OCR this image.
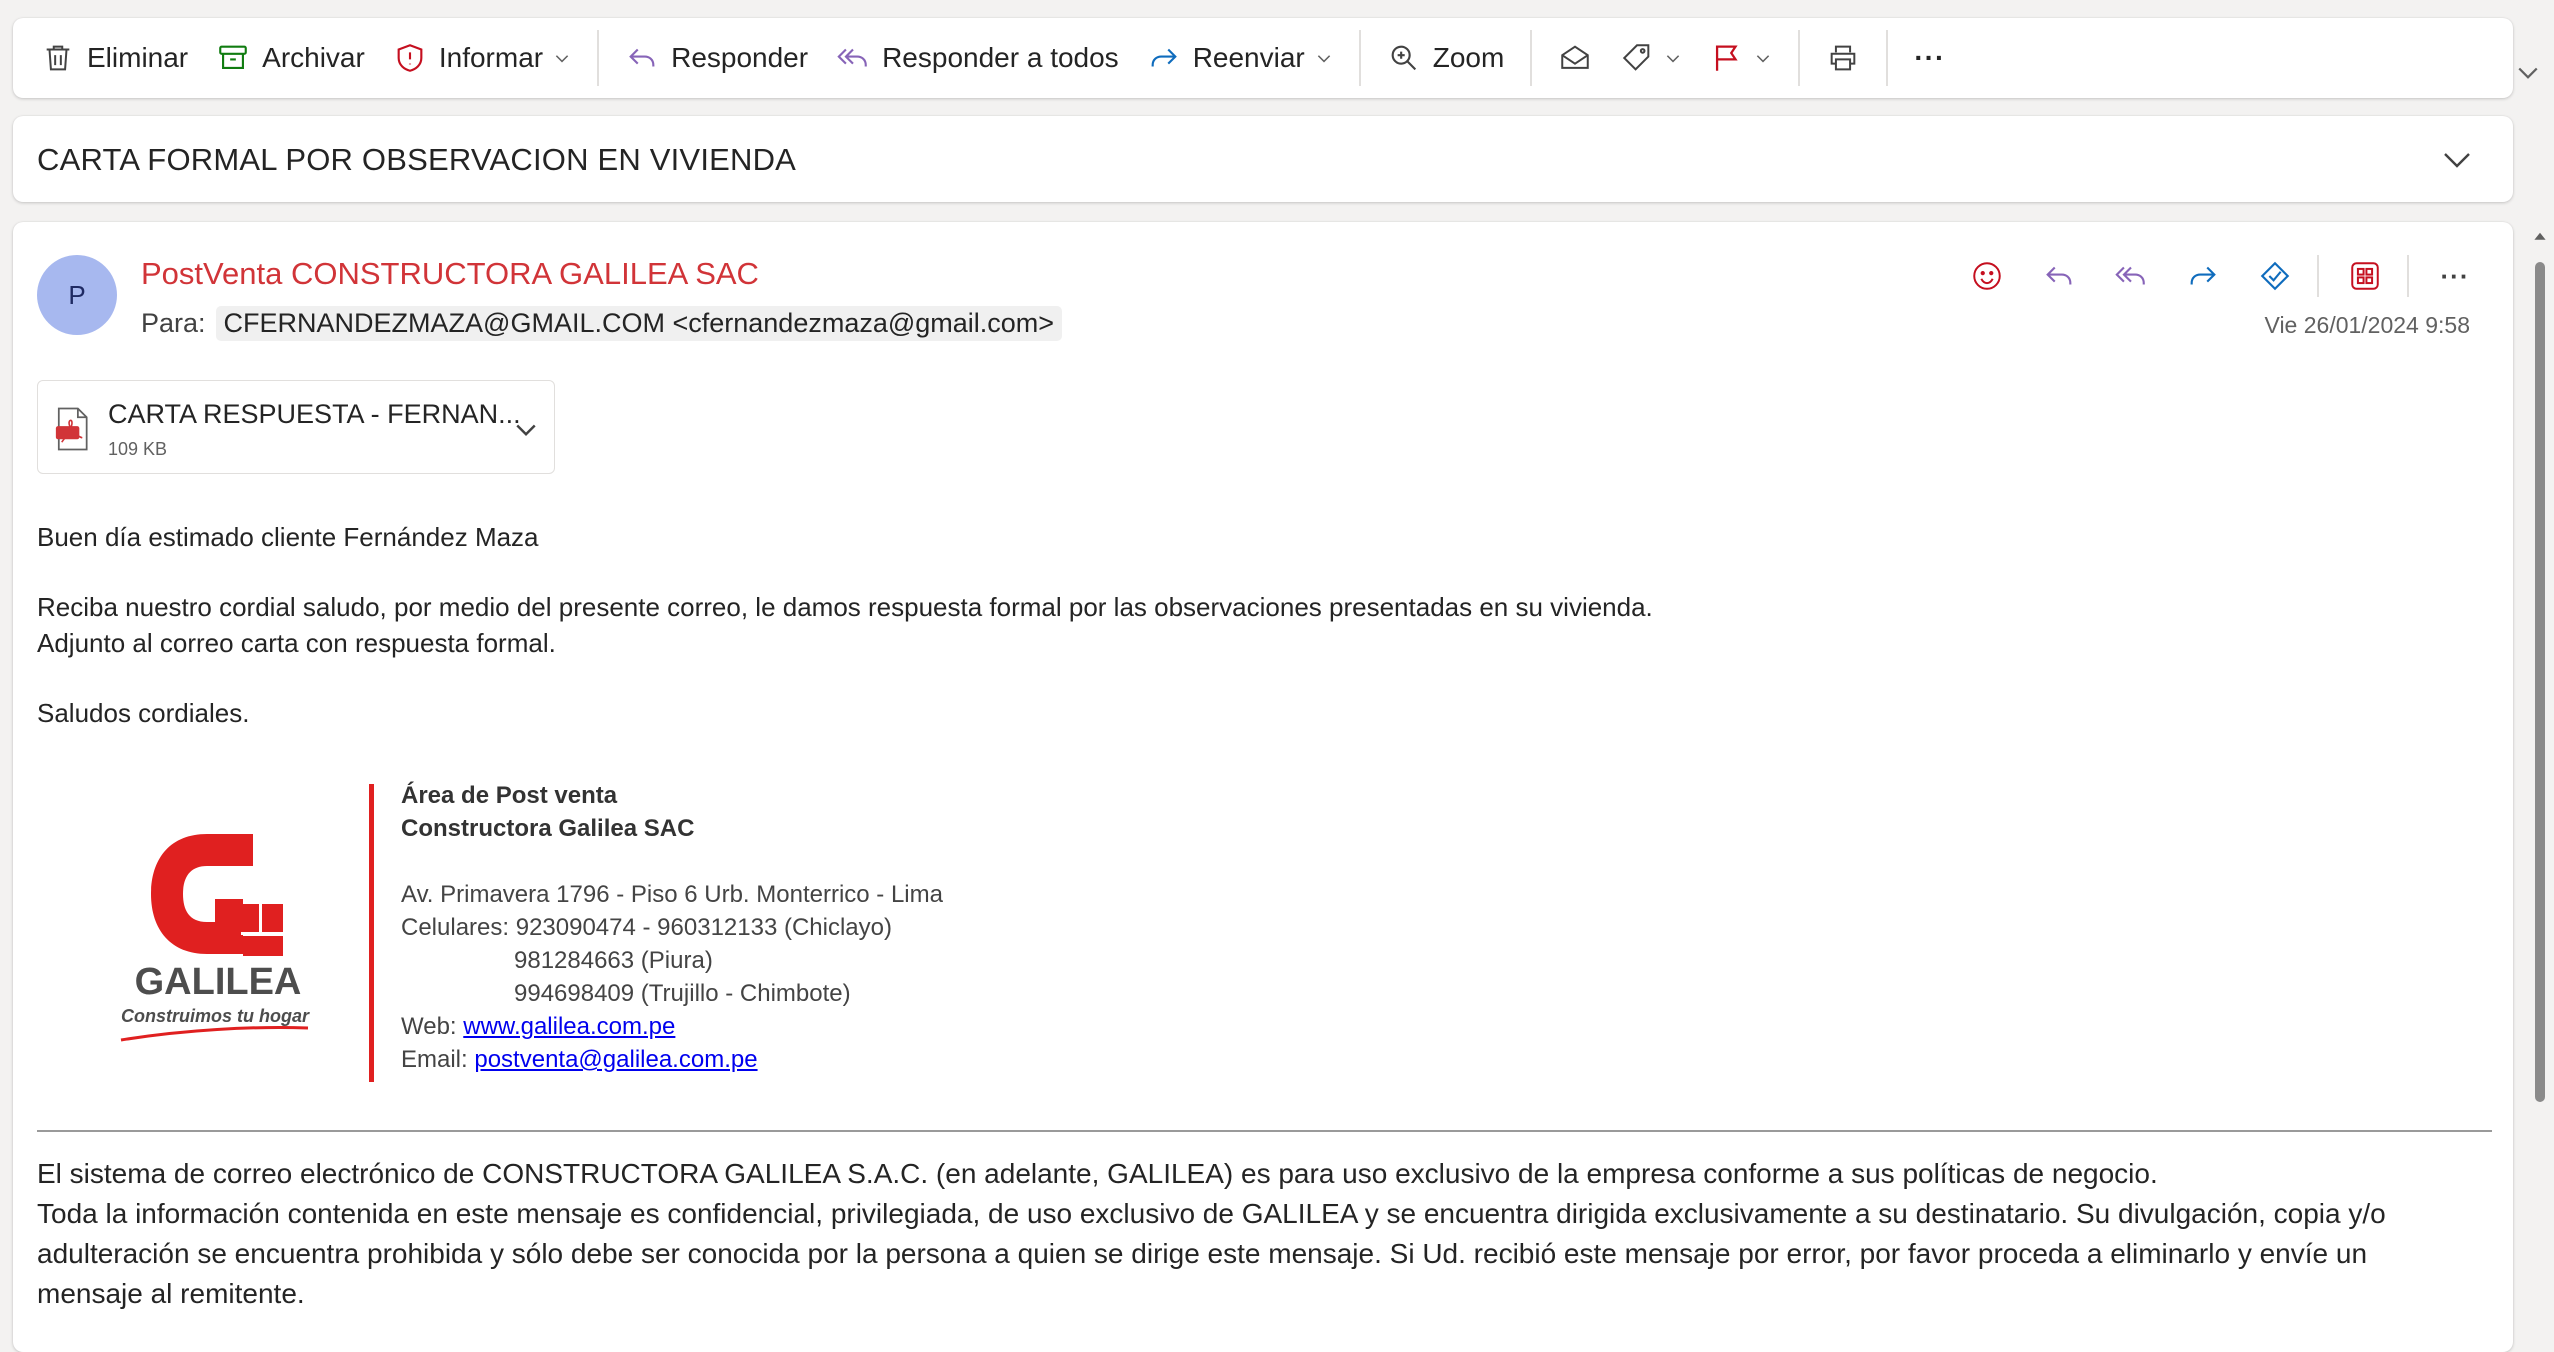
Eliminar	Archivar	Informar	Responder	Responder a todos	Reenviar	Zoom	···
CARTA FORMAL POR OBSERVACION EN VIVIENDA
P
PostVenta CONSTRUCTORA GALILEA SAC
Para: CFERNANDEZMAZA@GMAIL.COM <cfernandezmaza@gmail.com>
···
Vie 26/01/2024 9:58
CARTA RESPUESTA - FERNAN...
109 KB
Buen día estimado cliente Fernández Maza
Reciba nuestro cordial saludo, por medio del presente correo, le damos respuesta formal por las observaciones presentadas en su vivienda.
Adjunto al correo carta con respuesta formal.
Saludos cordiales.
GALILEA
Construimos tu hogar
Área de Post venta
Constructora Galilea SAC
Av. Primavera 1796 - Piso 6 Urb. Monterrico - Lima
Celulares: 923090474 - 960312133 (Chiclayo)
981284663 (Piura)
994698409 (Trujillo - Chimbote)
Web: www.galilea.com.pe
Email: postventa@galilea.com.pe

El sistema de correo electrónico de CONSTRUCTORA GALILEA S.A.C. (en adelante, GALILEA) es para uso exclusivo de la empresa conforme a sus políticas de negocio.

Toda la información contenida en este mensaje es confidencial, privilegiada, de uso exclusivo de GALILEA y se encuentra dirigida exclusivamente a su destinatario. Su divulgación, copia y/o adulteración se encuentra prohibida y sólo debe ser conocida por la persona a quien se dirige este mensaje. Si Ud. recibió este mensaje por error, por favor proceda a eliminarlo y envíe un mensaje al remitente.
